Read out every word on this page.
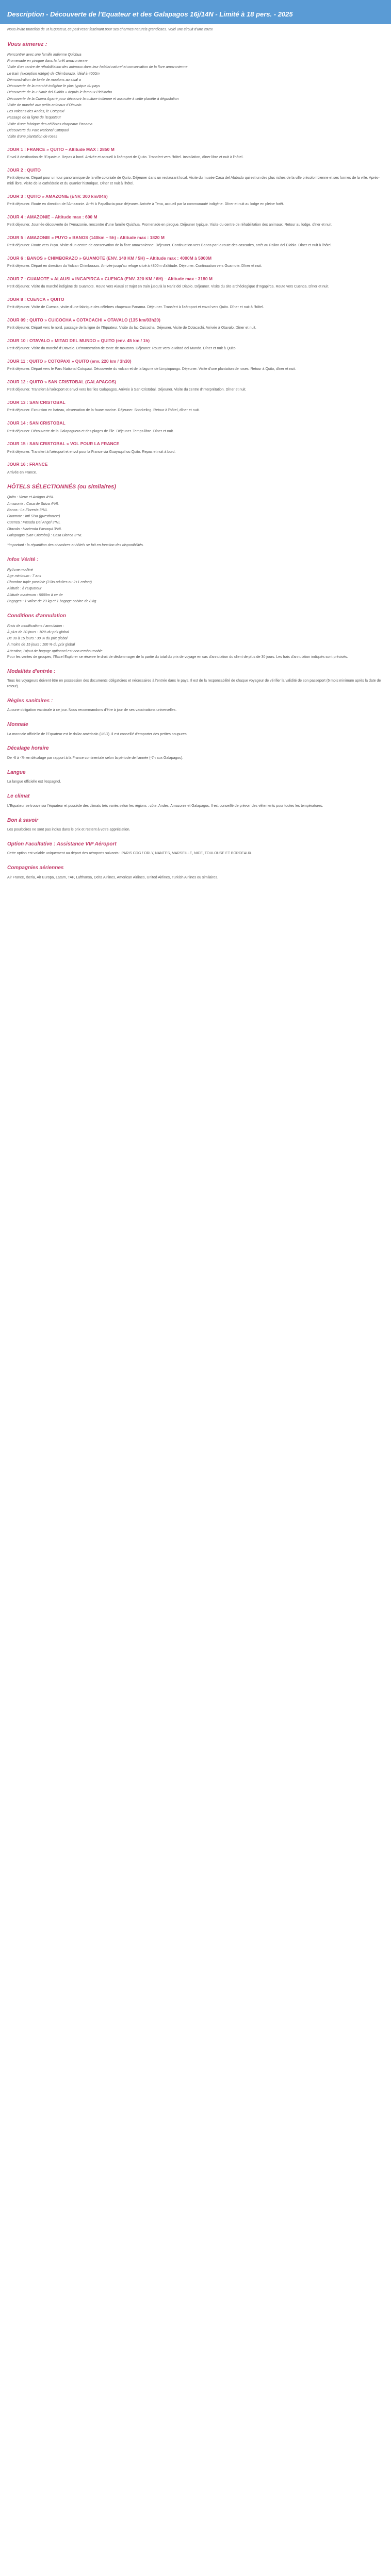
Description - Découverte de l'Equateur et des Galapagos 16j/14N - Limité à 18 pers. - 2025

Nous invite toutefois de ut l'Equateur, ce petit reset fascinant pour ses charmes naturels grandioses. Voici une circuit d'une 2025!

Vous aimerez :
Rencontrer avec une famille indienne Quichua
Promenade en pirogue dans la forêt amazonienne
Visite d'un centre de réhabilitation des animaux dans leur habitat naturel et conservation de la flore amazonienne
Le train (exception rotège) de Chimborazo, idéal à 4000m
Démonstration de tonte de moutons au sisal a
Découverte de la marché indigène le plus typique du pays
Découverte de la « Nariz del Diablo » depuis le fameux Pichincha
Découverte de la Cueva Agarré pour découvrir la culture indienne et associée à cette planète à dégustation
Visite de marché aux petits animaux d'Otavalo
Les volcans des Andes, le Cotopaxi
Passage de la ligne de l'Equateur
Visite d'une fabrique des célèbres chapeaux Panama
Découverte du Parc National Cotopaxi
Visite d'une plantation de roses
JOUR 1 : FRANCE » QUITO – Altitude MAX : 2850 M

Envol à destination de l'Equateur. Repas à bord. Arrivée et accueil à l'aéroport de Quito. Transfert vers l'hôtel. Installation, dîner libre et nuit à l'hôtel.

JOUR 2 : QUITO

Petit déjeuner. Départ pour un tour panoramique de la ville coloniale de Quito. Déjeuner dans un restaurant local. Visite du musée Casa del Alabado qui est un des plus riches de la ville précolombienne et ses formes de la ville. Après-midi libre. Visite de la cathédrale et du quartier historique. Dîner et nuit à l'hôtel.

JOUR 3 : QUITO » AMAZONIE (ENV. 300 km/04h)

Petit déjeuner. Route en direction de l'Amazonie. Arrêt à Papallacta pour déjeuner. Arrivée à Tena, accueil par la communauté indigène. Dîner et nuit au lodge en pleine forêt.

JOUR 4 : AMAZONIE – Altitude max : 600 M

Petit déjeuner. Journée découverte de l'Amazonie, rencontre d'une famille Quichua. Promenade en pirogue. Déjeuner typique. Visite du centre de réhabilitation des animaux. Retour au lodge, dîner et nuit.

JOUR 5 : AMAZONIE » PUYO » BANOS (140km – 5h) - Altitude max : 1820 M

Petit déjeuner. Route vers Puyo. Visite d'un centre de conservation de la flore amazonienne. Déjeuner. Continuation vers Banos par la route des cascades, arrêt au Pailon del Diablo. Dîner et nuit à l'hôtel.

JOUR 6 : BANOS » CHIMBORAZO » GUAMOTE (ENV. 140 KM / 5H) – Altitude max : 4000M à 5000M

Petit déjeuner. Départ en direction du Volcan Chimborazo. Arrivée jusqu'au refuge situé à 4800m d'altitude. Déjeuner. Continuation vers Guamote. Dîner et nuit.

JOUR 7 : GUAMOTE » ALAUSI » INGAPIRCA » CUENCA (ENV. 320 KM / 6H) – Altitude max : 3180 M

Petit déjeuner. Visite du marché indigène de Guamote. Route vers Alausi et trajet en train jusqu'à la Nariz del Diablo. Déjeuner. Visite du site archéologique d'Ingapirca. Route vers Cuenca. Dîner et nuit.

JOUR 8 : CUENCA » QUITO

Petit déjeuner. Visite de Cuenca, visite d'une fabrique des célèbres chapeaux Panama. Déjeuner. Transfert à l'aéroport et envol vers Quito. Dîner et nuit à l'hôtel.

JOUR 09 : QUITO » CUICOCHA » COTACACHI » OTAVALO (135 km/03h20)

Petit déjeuner. Départ vers le nord, passage de la ligne de l'Equateur. Visite du lac Cuicocha. Déjeuner. Visite de Cotacachi. Arrivée à Otavalo. Dîner et nuit.

JOUR 10 : OTAVALO » MITAD DEL MUNDO » QUITO (env. 45 km / 1h)

Petit déjeuner. Visite du marché d'Otavalo. Démonstration de tonte de moutons. Déjeuner. Route vers la Mitad del Mundo. Dîner et nuit à Quito.

JOUR 11 : QUITO » COTOPAXI » QUITO (env. 220 km / 3h30)

Petit déjeuner. Départ vers le Parc National Cotopaxi. Découverte du volcan et de la lagune de Limpiopungo. Déjeuner. Visite d'une plantation de roses. Retour à Quito, dîner et nuit.

JOUR 12 : QUITO » SAN CRISTOBAL (GALAPAGOS)

Petit déjeuner. Transfert à l'aéroport et envol vers les îles Galapagos. Arrivée à San Cristobal. Déjeuner. Visite du centre d'interprétation. Dîner et nuit.

JOUR 13 : SAN CRISTOBAL

Petit déjeuner. Excursion en bateau, observation de la faune marine. Déjeuner. Snorkeling. Retour à l'hôtel, dîner et nuit.

JOUR 14 : SAN CRISTOBAL

Petit déjeuner. Découverte de la Galapaguera et des plages de l'île. Déjeuner. Temps libre. Dîner et nuit.

JOUR 15 : SAN CRISTOBAL » VOL POUR LA FRANCE

Petit déjeuner. Transfert à l'aéroport et envol pour la France via Guayaquil ou Quito. Repas et nuit à bord.

JOUR 16 : FRANCE

Arrivée en France.

HÔTELS SÉLECTIONNÉS (ou similaires)
Quito : Vieux et Antiguo 4*NL
Amazonie : Casa de Suiza 4*NL
Banos : La Floresta 3*NL
Guamote : Inti Sisa (guesthouse)
Cuenca : Posada Del Angel 3*NL
Otavalo : Hacienda Pinsaqui 3*NL
Galapagos (San Cristobal) : Casa Blanca 3*NL

*Important : la répartition des chambres et hôtels se fait en fonction des disponibilités.

Infos Vérité :
Rythme modéré
Age minimum : 7 ans
Chambre triple possible (3 lits adultes ou 2+1 enfant)
Altitude : à l'Equateur
Altitude maximum : 5000m à ce 4e
Bagages : 1 valise de 23 kg et 1 bagage cabine de 8 kg
Conditions d'annulation
Frais de modifications / annulation :
À plus de 30 jours : 10% du prix global
De 30 à 15 jours : 30 % du prix global
À moins de 15 jours : 100 % du prix global
Attention, l'ajout de bagage optionnel est non remboursable.

Pour les ventes de groupes, l'Excel Explorer se réserve le droit de dédommager de la partie du total du prix de voyage en cas d'annulation du client de plus de 30 jours. Les frais d'annulation indiqués sont précisés.

Modalités d'entrée :

Tous les voyageurs doivent être en possession des documents obligatoires et nécessaires à l'entrée dans le pays. Il est de la responsabilité de chaque voyageur de vérifier la validité de son passeport (6 mois minimum après la date de retour).

Règles sanitaires :

Aucune obligation vaccinale à ce jour. Nous recommandons d'être à jour de ses vaccinations universelles.

Monnaie

La monnaie officielle de l'Equateur est le dollar américain (USD). Il est conseillé d'emporter des petites coupures.

Décalage horaire

De -6 à -7h en décalage par rapport à la France continentale selon la période de l'année (-7h aux Galapagos).

Langue

La langue officielle est l'espagnol.

Le climat

L'Equateur se trouve sur l'équateur et possède des climats très variés selon les régions : côte, Andes, Amazonie et Galapagos. Il est conseillé de prévoir des vêtements pour toutes les températures.

Bon à savoir

Les pourboires ne sont pas inclus dans le prix et restent à votre appréciation.

Option Facultative : Assistance VIP Aéroport

Cette option est valable uniquement au départ des aéroports suivants : PARIS CDG / ORLY, NANTES, MARSEILLE, NICE, TOULOUSE ET BORDEAUX.

Compagnies aériennes

Air France, Iberia, Air Europa, Latam, TAP, Lufthansa, Delta Airlines, American Airlines, United Airlines, Turkish Airlines ou similaires.
